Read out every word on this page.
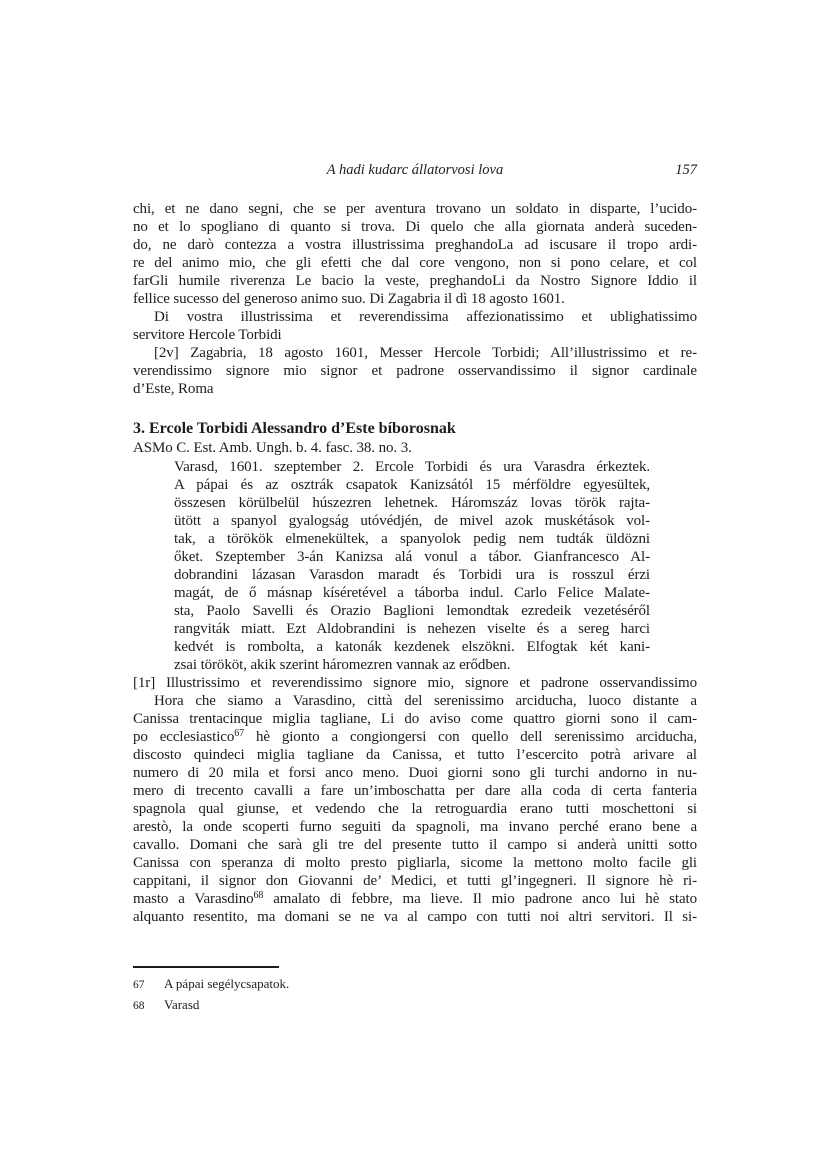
A hadi kudarc állatorvosi lova	157
chi, et ne dano segni, che se per aventura trovano un soldato in disparte, l’ucido-
no et lo spogliano di quanto si trova. Di quelo che alla giornata anderà suceden-
do, ne darò contezza a vostra illustrissima preghandoLa ad iscusare il tropo ardi-
re del animo mio, che gli efetti che dal core vengono, non si pono celare, et col
farGli humile riverenza Le bacio la veste, preghandoLi da Nostro Signore Iddio il
fellice sucesso del generoso animo suo. Di Zagabria il dì 18 agosto 1601.
Di vostra illustrissima et reverendissima affezionatissimo et ublighatissimo
servitore Hercole Torbidi
[2v] Zagabria, 18 agosto 1601, Messer Hercole Torbidi; All’illustrissimo et re-
verendissimo signore mio signor et padrone osservandissimo il signor cardinale
d’Este, Roma
3. Ercole Torbidi Alessandro d’Este bíborosnak
ASMo C. Est. Amb. Ungh. b. 4. fasc. 38. no. 3.
Varasd, 1601. szeptember 2. Ercole Torbidi és ura Varasdra érkeztek.
A pápai és az osztrák csapatok Kanizsától 15 mérföldre egyesültek,
összesen körülbelül húszezren lehetnek. Háromszáz lovas török rajta-
ütött a spanyol gyalogság utóvédjén, de mivel azok muskétások vol-
tak, a törökök elmenekültek, a spanyolok pedig nem tudták üldözni
őket. Szeptember 3-án Kanizsa alá vonul a tábor. Gianfrancesco Al-
dobrandini lázasan Varasdon maradt és Torbidi ura is rosszul érzi
magát, de ő másnap kíséretével a táborba indul. Carlo Felice Malate-
sta, Paolo Savelli és Orazio Baglioni lemondtak ezredeik vezetéséről
rangviták miatt. Ezt Aldobrandini is nehezen viselte és a sereg harci
kedvét is rombolta, a katonák kezdenek elszökni. Elfogtak két kani-
zsai törököt, akik szerint háromezren vannak az erődben.
[1r] Illustrissimo et reverendissimo signore mio, signore et padrone osservandissimo
Hora che siamo a Varasdino, città del serenissimo arciducha, luoco distante a
Canissa trentacinque miglia tagliane, Li do aviso come quattro giorni sono il cam-
po ecclesiastico$^{67}$ hè gionto a congiongersi con quello dell serenissimo arciducha,
discosto quindeci miglia tagliane da Canissa, et tutto l’escercito potrà arivare al
numero di 20 mila et forsi anco meno. Duoi giorni sono gli turchi andorno in nu-
mero di trecento cavalli a fare un’imboschatta per dare alla coda di certa fanteria
spagnola qual giunse, et vedendo che la retroguardia erano tutti moschettoni si
arestò, la onde scoperti furno seguiti da spagnoli, ma invano perché erano bene a
cavallo. Domani che sarà gli tre del presente tutto il campo si anderà unitti sotto
Canissa con speranza di molto presto pigliarla, sicome la mettono molto facile gli
cappitani, il signor don Giovanni de’ Medici, et tutti gl’ingegneri. Il signore hè ri-
masto a Varasdino$^{68}$ amalato di febbre, ma lieve. Il mio padrone anco lui hè stato
alquanto resentito, ma domani se ne va al campo con tutti noi altri servitori. Il si-
67 A pápai segélycsapatok.
68 Varasd
